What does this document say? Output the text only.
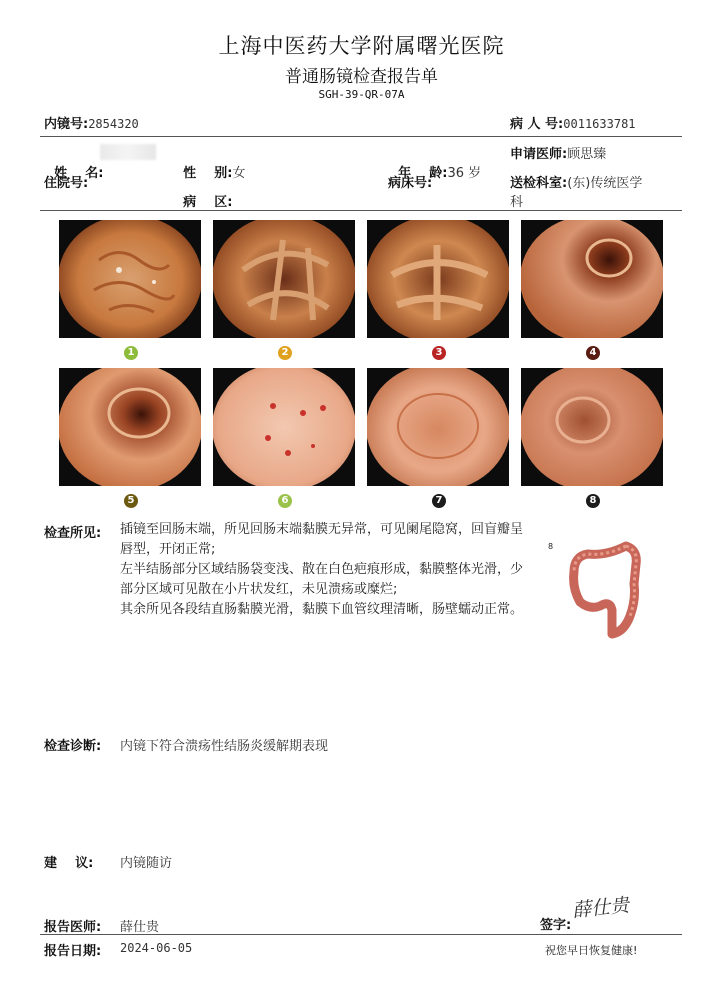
上海中医药大学附属曙光医院
普通肠镜检查报告单
SGH-39-QR-07A
内镜号:2854320	病 人 号:0011633781

姓    名:	性    别:女	年    龄:36 岁

申请医师:顾思臻
住院号:

病    区:

病床号:	送检科室:(东)传统医学
科
1	2	3	4
5	6	7	8
检查所见: 插镜至回肠末端，所见回肠末端黏膜无异常，可见阑尾隐窝，回盲瓣呈唇型，开闭正常;
左半结肠部分区域结肠袋变浅、散在白色疤痕形成，黏膜整体光滑，少部分区域可见散在小片状发红，未见溃疡或糜烂;
其余所见各段结直肠黏膜光滑，黏膜下血管纹理清晰，肠壁蠕动正常。
8
检查诊断: 内镜下符合溃疡性结肠炎缓解期表现
建    议: 内镜随访
报告医师: 薛仕贵	签字:
薛仕贵
报告日期: 2024-06-05	祝您早日恢复健康!
